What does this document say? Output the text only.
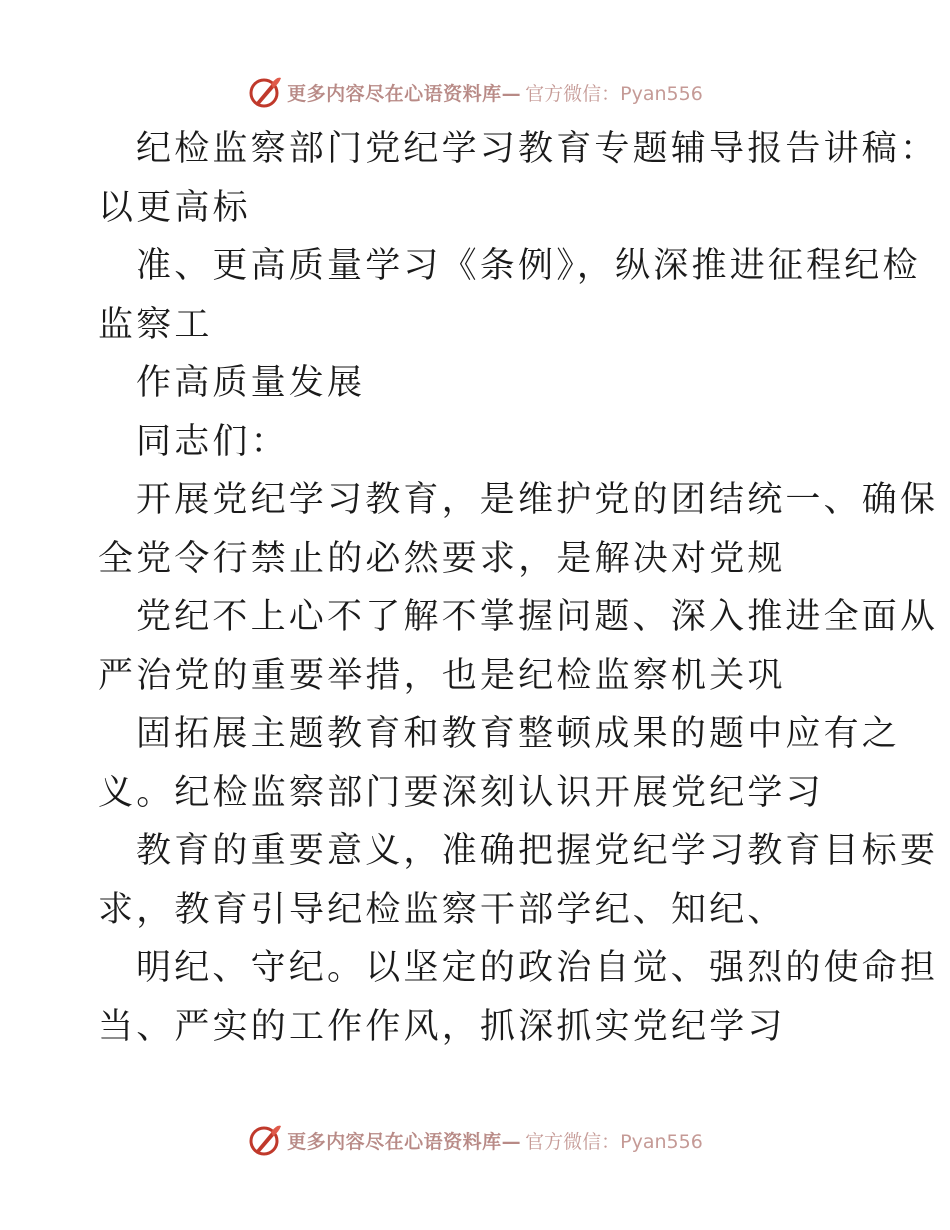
更多内容尽在心语资料库— 官方微信：Pyan556
纪检监察部门党纪学习教育专题辅导报告讲稿：
以更高标
准、更高质量学习《条例》，纵深推进征程纪检
监察工
作高质量发展
同志们：
开展党纪学习教育，是维护党的团结统一、确保
全党令行禁止的必然要求，是解决对党规
党纪不上心不了解不掌握问题、深入推进全面从
严治党的重要举措，也是纪检监察机关巩
固拓展主题教育和教育整顿成果的题中应有之
义。纪检监察部门要深刻认识开展党纪学习
教育的重要意义，准确把握党纪学习教育目标要
求，教育引导纪检监察干部学纪、知纪、
明纪、守纪。以坚定的政治自觉、强烈的使命担
当、严实的工作作风，抓深抓实党纪学习
更多内容尽在心语资料库— 官方微信：Pyan556
